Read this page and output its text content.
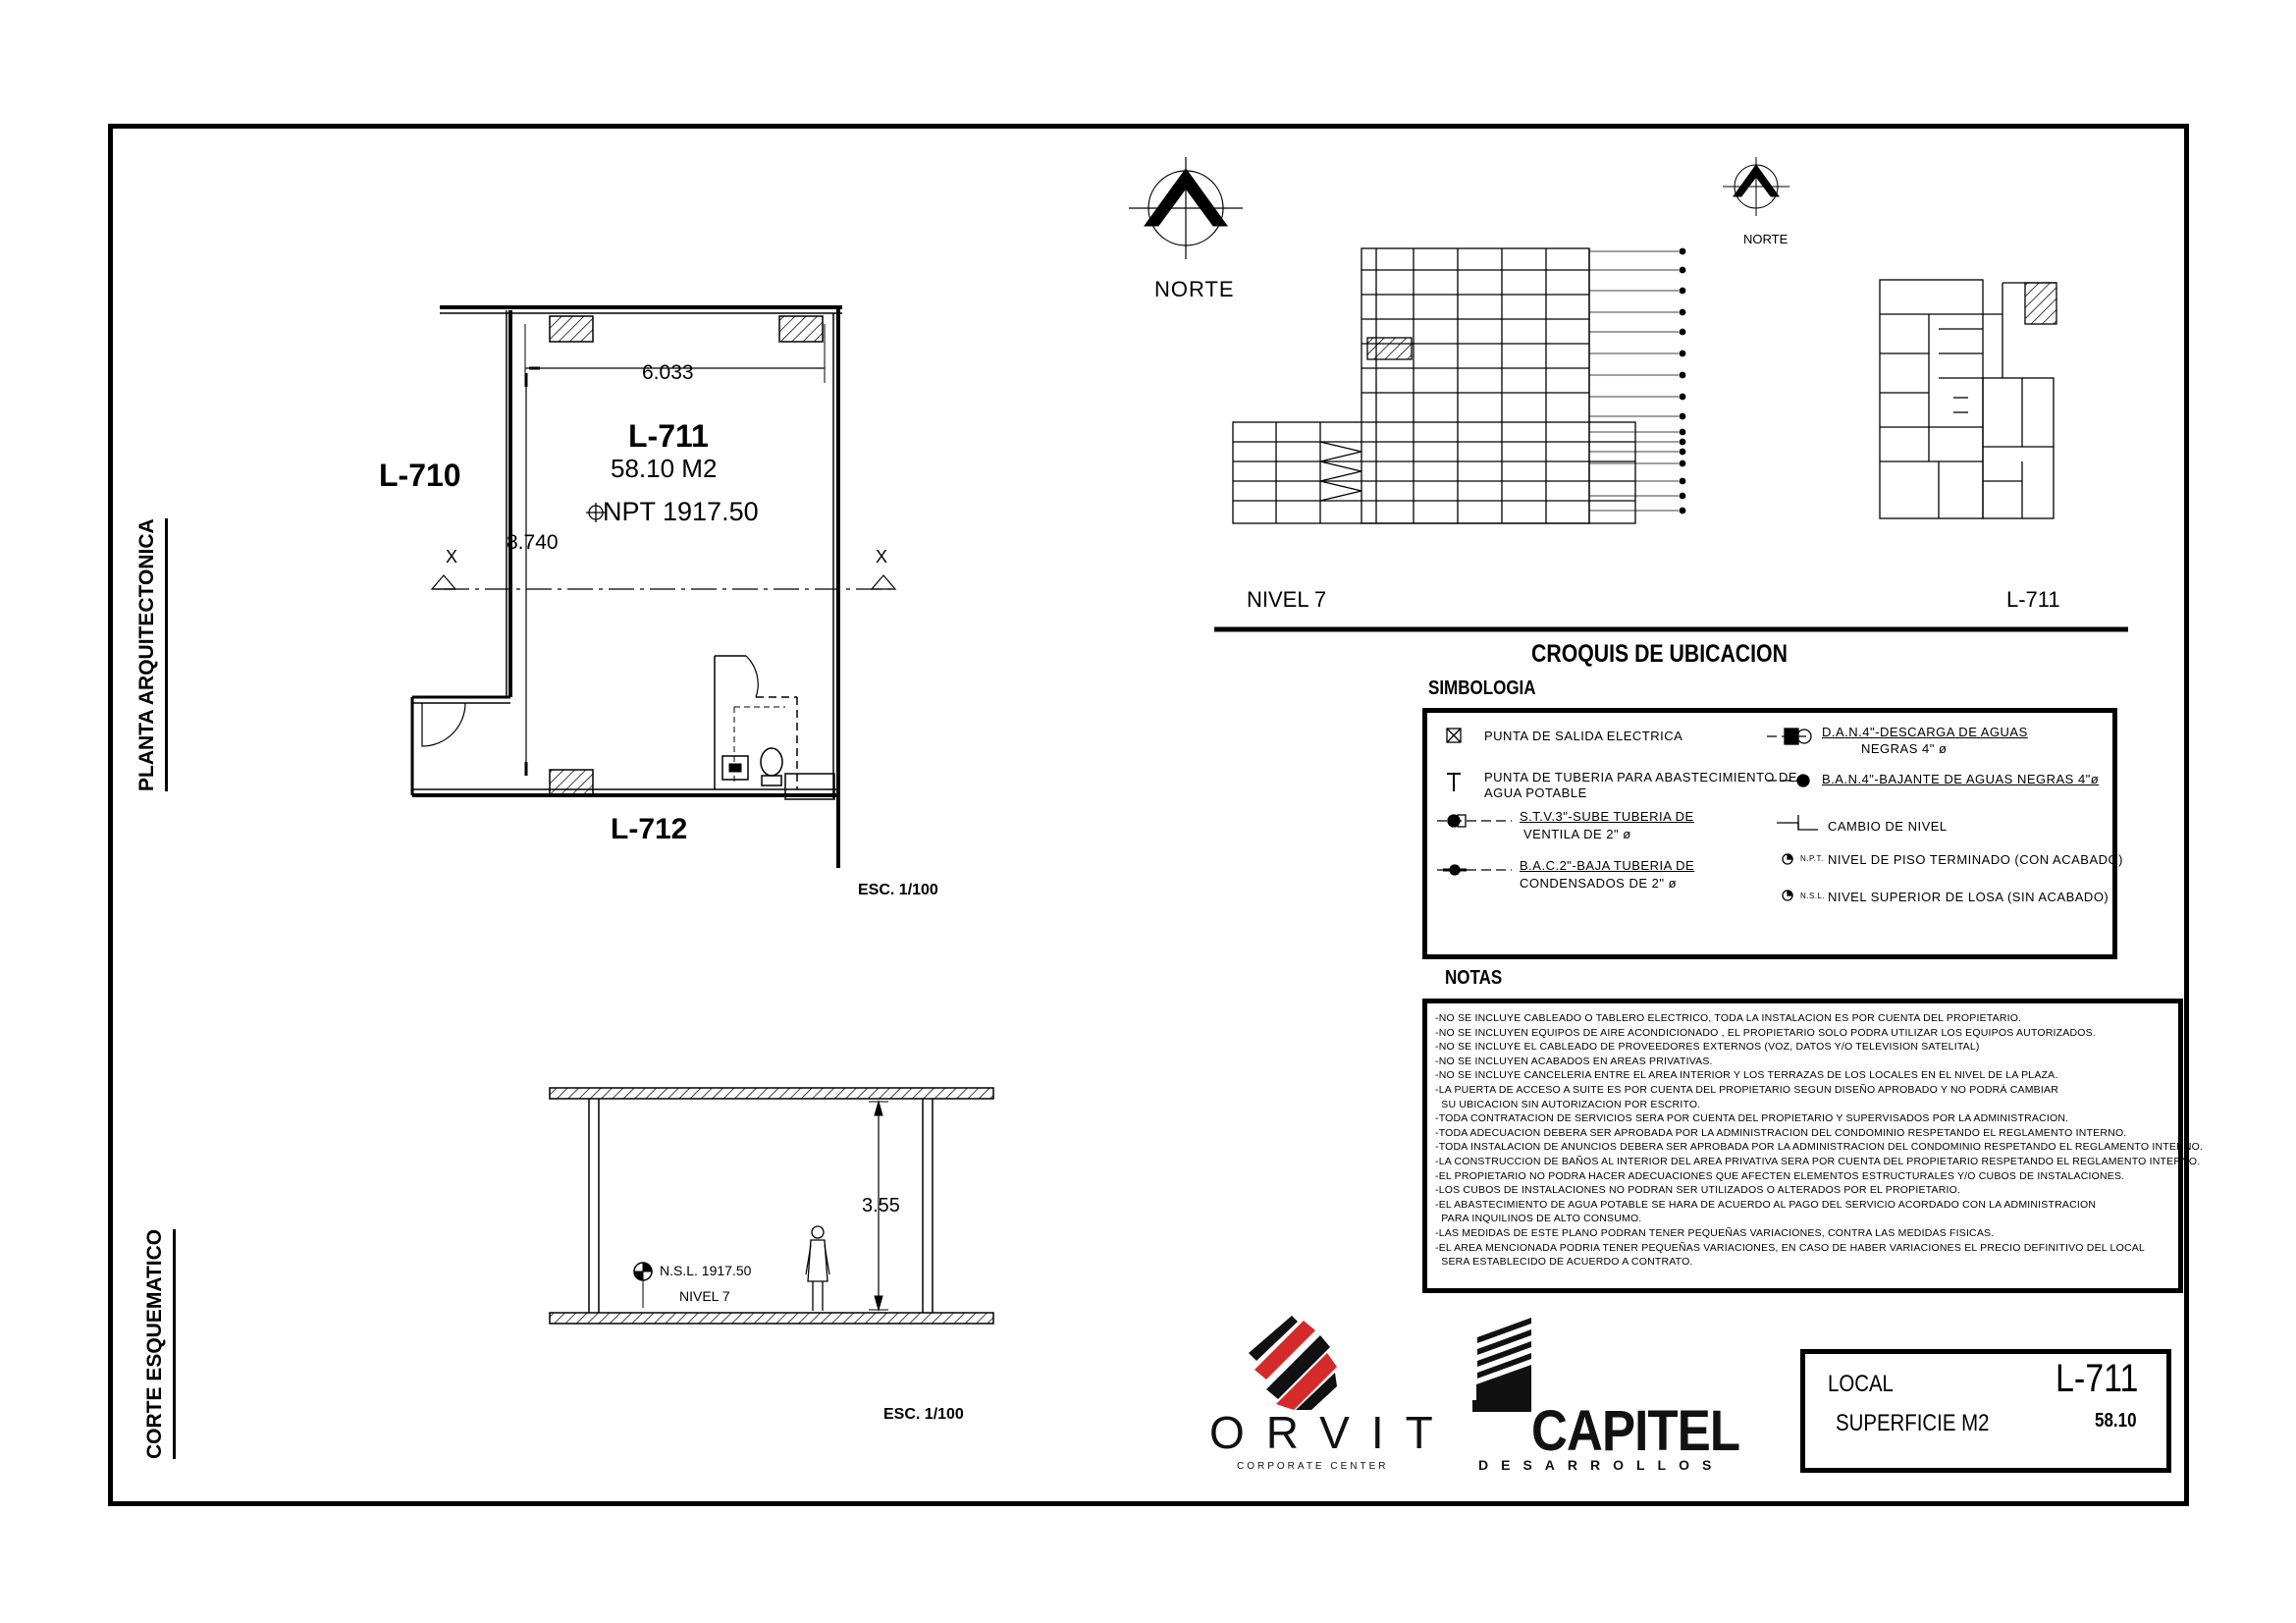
6.033
L-711
58.10 M2
NPT 1917.50
L-710
8.740
X	X
L-712
ESC. 1/100
PLANTA ARQUITECTONICA
CORTE ESQUEMATICO
3.55
N.S.L. 1917.50
NIVEL 7
ESC. 1/100
NORTE
NORTE
NIVEL 7	L-711
CROQUIS DE UBICACION
SIMBOLOGIA
PUNTA DE SALIDA ELECTRICA
PUNTA DE TUBERIA PARA ABASTECIMIENTO DE
AGUA POTABLE
S.T.V.3"-SUBE TUBERIA DE
VENTILA DE 2" ø
B.A.C.2"-BAJA TUBERIA DE
CONDENSADOS DE 2" ø
D.A.N.4"-DESCARGA DE AGUAS
NEGRAS 4" ø
B.A.N.4"-BAJANTE DE AGUAS NEGRAS 4"ø
CAMBIO DE NIVEL
N.P.T. NIVEL DE PISO TERMINADO (CON ACABADO)
N.S.L. NIVEL SUPERIOR DE LOSA (SIN ACABADO)
NOTAS
-NO SE INCLUYE CABLEADO O TABLERO ELECTRICO, TODA LA INSTALACION ES POR CUENTA DEL PROPIETARIO.
-NO SE INCLUYEN EQUIPOS DE AIRE ACONDICIONADO , EL PROPIETARIO SOLO PODRA UTILIZAR LOS EQUIPOS AUTORIZADOS.
-NO SE INCLUYE EL CABLEADO DE PROVEEDORES EXTERNOS (VOZ, DATOS Y/O TELEVISION SATELITAL)
-NO SE INCLUYEN ACABADOS EN AREAS PRIVATIVAS.
-NO SE INCLUYE CANCELERIA ENTRE EL AREA INTERIOR Y LOS TERRAZAS DE LOS LOCALES EN EL NIVEL DE LA PLAZA.
-LA PUERTA DE ACCESO A SUITE ES POR CUENTA DEL PROPIETARIO SEGUN DISEÑO APROBADO Y NO PODRÁ CAMBIAR
SU UBICACION SIN AUTORIZACION POR ESCRITO.
-TODA CONTRATACION DE SERVICIOS SERA POR CUENTA DEL PROPIETARIO Y SUPERVISADOS POR LA ADMINISTRACION.
-TODA ADECUACION DEBERA SER APROBADA POR LA ADMINISTRACION DEL CONDOMINIO RESPETANDO EL REGLAMENTO INTERNO.
-TODA INSTALACION DE ANUNCIOS DEBERA SER APROBADA POR LA ADMINISTRACION DEL CONDOMINIO RESPETANDO EL REGLAMENTO INTERNO.
-LA CONSTRUCCION DE BAÑOS AL INTERIOR DEL AREA PRIVATIVA SERA POR CUENTA DEL PROPIETARIO RESPETANDO EL REGLAMENTO INTERNO.
-EL PROPIETARIO NO PODRA HACER ADECUACIONES QUE AFECTEN ELEMENTOS ESTRUCTURALES Y/O CUBOS DE INSTALACIONES.
-LOS CUBOS DE INSTALACIONES NO PODRAN SER UTILIZADOS O ALTERADOS POR EL PROPIETARIO.
-EL ABASTECIMIENTO DE AGUA POTABLE SE HARA DE ACUERDO AL PAGO DEL SERVICIO ACORDADO CON LA ADMINISTRACION
PARA INQUILINOS DE ALTO CONSUMO.
-LAS MEDIDAS DE ESTE PLANO PODRAN TENER PEQUEÑAS VARIACIONES, CONTRA LAS MEDIDAS FISICAS.
-EL AREA MENCIONADA PODRIA TENER PEQUEÑAS VARIACIONES, EN CASO DE HABER VARIACIONES EL PRECIO DEFINITIVO DEL LOCAL
SERA ESTABLECIDO DE ACUERDO A CONTRATO.
ORVIT
CORPORATE CENTER
CAPITEL
DESARROLLOS
LOCAL	L-711
SUPERFICIE M2	58.10
